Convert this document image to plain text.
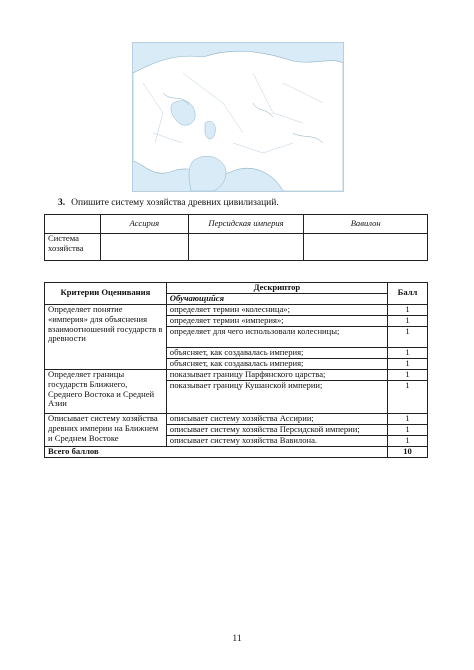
3. Опишите систему хозяйства древних цивилизаций.
	Ассирия	Персидская империя	Вавилон
Система хозяйства			
Критерии Оценивания	Дескриптор	Балл
	Обучающийся	
Определяет понятие «империя» для объяснения взаимоотношений государств в древности	определяет термин «колесница»;	1
	определяет термин «империя»;	1
	определяет для чего использовали колесницы;	1
	объясняет, как создавалась империя;	1
	объясняет, как создавалась империя;	1
Определяет границы государств Ближнего, Среднего Востока и Средней Азии	показывает границу Парфянского царства;	1
	показывает границу Кушанской империи;	1
Описывает систему хозяйства древних империи на Ближнем и Среднем Востоке	описывает систему хозяйства Ассирии;	1
	описывает систему хозяйства Персидской империи;	1
	описывает систему хозяйства Вавилона.	1
Всего баллов		10
11
